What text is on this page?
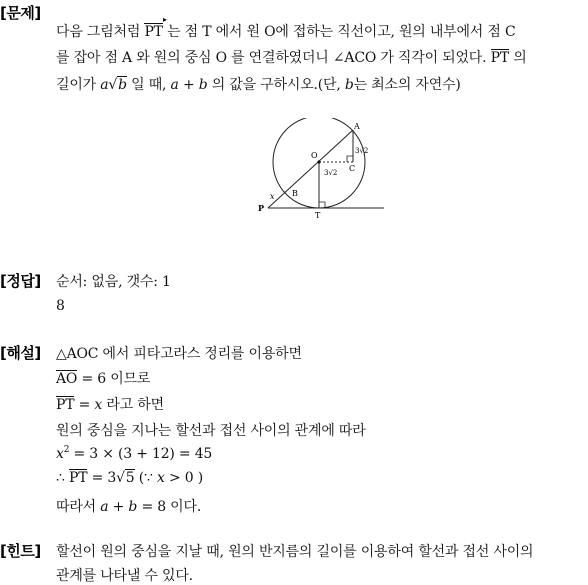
[문제]
다음 그림처럼 PT
▸
는 점 T 에서 원 O에 접하는 직선이고, 원의 내부에서 점 C
를 잡아 점 A 와 원의 중심 O 를 연결하였더니 ∠ACO 가 직각이 되었다. PT 의
길이가 a√b 일 때, a + b 의 값을 구하시오.(단, b는 최소의 자연수)
A
O
C
B
P
T
x
3√2
3√2
[정답] 순서: 없음, 갯수: 1
8
[해설] △AOC 에서 피타고라스 정리를 이용하면
AO = 6 이므로
PT = x 라고 하면
원의 중심을 지나는 할선과 접선 사이의 관계에 따라
$x^2 = 3 \times (3 + 12) = 45$
∴ PT = 3√5 (∵ x > 0 )
따라서 a + b = 8 이다.
[힌트] 할선이 원의 중심을 지날 때, 원의 반지름의 길이를 이용하여 할선과 접선 사이의
관계를 나타낼 수 있다.
